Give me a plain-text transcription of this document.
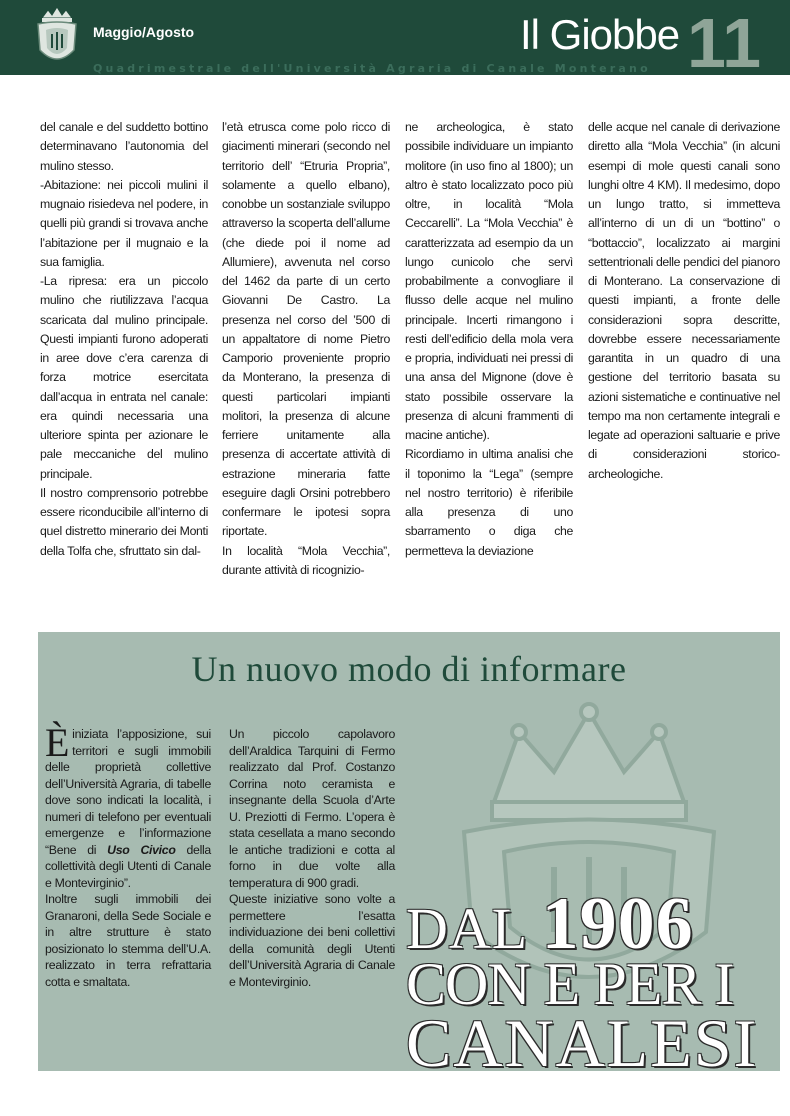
Maggio/Agosto	Il Giobbe 11
Quadrimestrale dell'Università Agraria di Canale Monterano

del canale e del suddetto bottino determinavano l’autonomia del mulino stesso.

-Abitazione: nei piccoli mulini il mugnaio risiedeva nel podere, in quelli più grandi si trovava anche l’abitazione per il mugnaio e la sua famiglia.

-La ripresa: era un piccolo mulino che riutilizzava l’acqua scaricata dal mulino principale. Questi impianti furono adoperati in aree dove c’era carenza di forza motrice esercitata dall’acqua in entrata nel canale: era quindi necessaria una ulteriore spinta per azionare le pale meccaniche del mulino principale.

Il nostro comprensorio potrebbe essere riconducibile all’interno di quel distretto minerario dei Monti della Tolfa che, sfruttato sin dal-

l’età etrusca come polo ricco di giacimenti minerari (secondo nel territorio dell’ “Etruria Propria”, solamente a quello elbano), conobbe un sostanziale sviluppo attraverso la scoperta dell’allume (che diede poi il nome ad Allumiere), avvenuta nel corso del 1462 da parte di un certo Giovanni De Castro. La presenza nel corso del ’500 di un appaltatore di nome Pietro Camporio proveniente proprio da Monterano, la presenza di questi particolari impianti molitori, la presenza di alcune ferriere unitamente alla presenza di accertate attività di estrazione mineraria fatte eseguire dagli Orsini potrebbero confermare le ipotesi sopra riportate.

In località “Mola Vecchia”, durante attività di ricognizio-

ne archeologica, è stato possibile individuare un impianto molitore (in uso fino al 1800); un altro è stato localizzato poco più oltre, in località “Mola Ceccarelli”. La “Mola Vecchia” è caratterizzata ad esempio da un lungo cunicolo che servì probabilmente a convogliare il flusso delle acque nel mulino principale. Incerti rimangono i resti dell’edificio della mola vera e propria, individuati nei pressi di una ansa del Mignone (dove è stato possibile osservare la presenza di alcuni frammenti di macine antiche).

Ricordiamo in ultima analisi che il toponimo la “Lega” (sempre nel nostro territorio) è riferibile alla presenza di uno sbarramento o diga che permetteva la deviazione

delle acque nel canale di derivazione diretto alla “Mola Vecchia” (in alcuni esempi di mole questi canali sono lunghi oltre 4 KM). Il medesimo, dopo un lungo tratto, si immetteva all’interno di un di un “bottino” o “bottaccio”, localizzato ai margini settentrionali delle pendici del pianoro di Monterano. La conservazione di questi impianti, a fronte delle considerazioni sopra descritte, dovrebbe essere necessariamente garantita in un quadro di una gestione del territorio basata su azioni sistematiche e continuative nel tempo ma non certamente integrali e legate ad operazioni saltuarie e prive di considerazioni storico-archeologiche.

Un nuovo modo di informare

Èiniziata l’apposizione, sui territori e sugli immobili delle proprietà collettive dell’Università Agraria, di tabelle dove sono indicati la località, i numeri di telefono per eventuali emergenze e l’informazione “Bene di Uso Civico della collettività degli Utenti di Canale e Montevirginio”.

Inoltre sugli immobili dei Granaroni, della Sede Sociale e in altre strutture è stato posizionato lo stemma dell’U.A. realizzato in terra refrattaria cotta e smaltata.

Un piccolo capolavoro dell’Araldica Tarquini di Fermo realizzato dal Prof. Costanzo Corrina noto ceramista e insegnante della Scuola d’Arte U. Preziotti di Fermo. L’opera è stata cesellata a mano secondo le antiche tradizioni e cotta al forno in due volte alla temperatura di 900 gradi.

Queste iniziative sono volte a permettere l’esatta individuazione dei beni collettivi della comunità degli Utenti dell’Università Agraria di Canale e Montevirginio.

DAL 1906
CON E PER I
CANALESI
